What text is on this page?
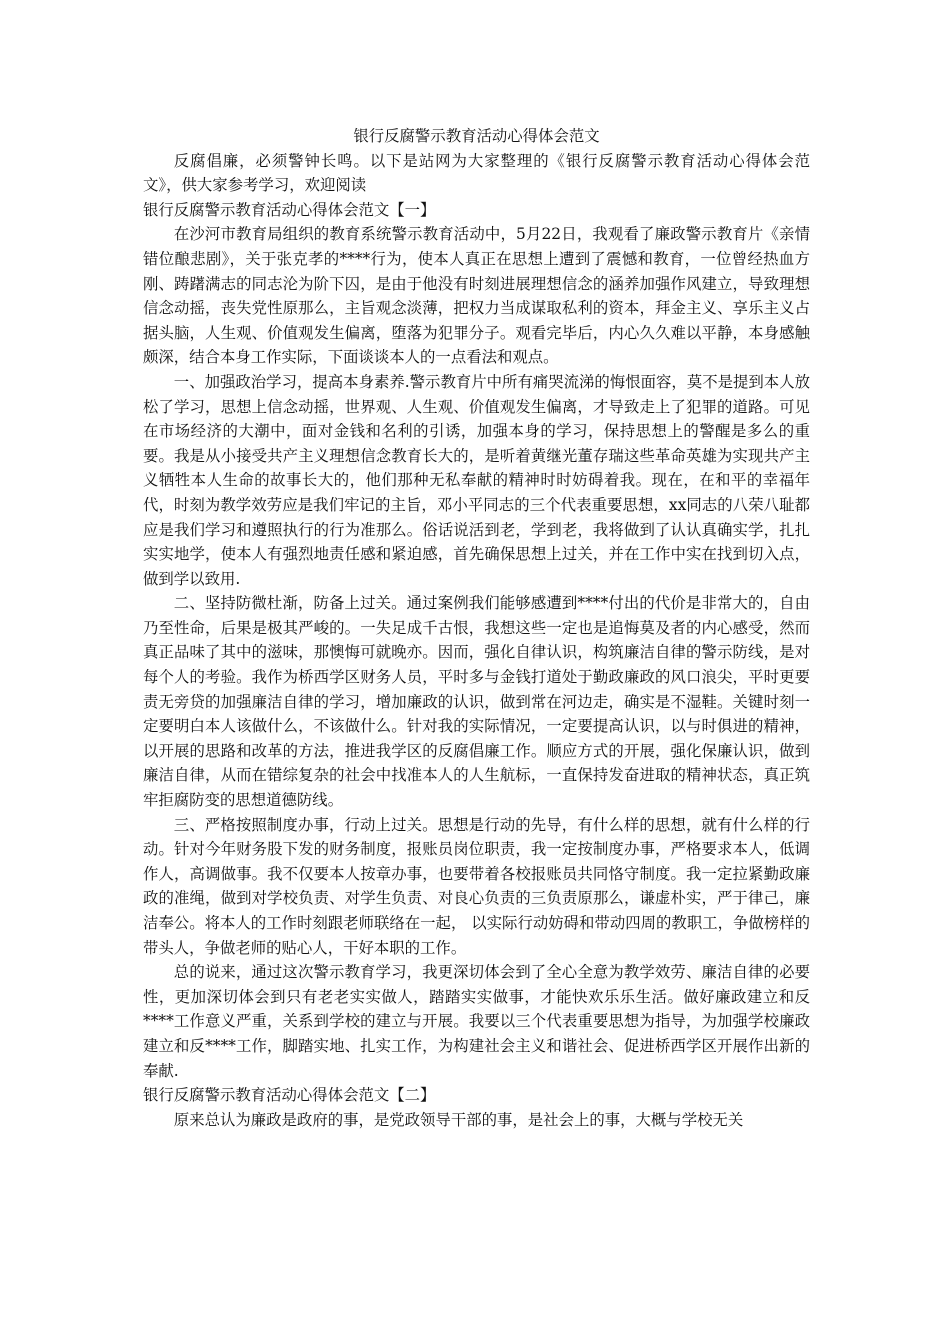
银行反腐警示教育活动心得体会范文

反腐倡廉，必须警钟长鸣。以下是站网为大家整理的《银行反腐警示教育活动心得体会范文》，供大家参考学习，欢迎阅读

银行反腐警示教育活动心得体会范文【一】

在沙河市教育局组织的教育系统警示教育活动中，5月22日，我观看了廉政警示教育片《亲情错位酿悲剧》，关于张克孝的****行为，使本人真正在思想上遭到了震憾和教育，一位曾经热血方刚、踌躇满志的同志沦为阶下囚，是由于他没有时刻进展理想信念的涵养加强作风建立，导致理想信念动摇，丧失党性原那么，主旨观念淡薄，把权力当成谋取私利的资本，拜金主义、享乐主义占据头脑，人生观、价值观发生偏离，堕落为犯罪分子。观看完毕后，内心久久难以平静，本身感触颇深，结合本身工作实际，下面谈谈本人的一点看法和观点。

一、加强政治学习，提高本身素养.警示教育片中所有痛哭流涕的悔恨面容，莫不是提到本人放松了学习，思想上信念动摇，世界观、人生观、价值观发生偏离，才导致走上了犯罪的道路。可见在市场经济的大潮中，面对金钱和名利的引诱，加强本身的学习，保持思想上的警醒是多么的重要。我是从小接受共产主义理想信念教育长大的，是听着黄继光董存瑞这些革命英雄为实现共产主义牺牲本人生命的故事长大的，他们那种无私奉献的精神时时妨碍着我。现在，在和平的幸福年代，时刻为教学效劳应是我们牢记的主旨，邓小平同志的三个代表重要思想，xx同志的八荣八耻都应是我们学习和遵照执行的行为准那么。俗话说活到老，学到老，我将做到了认认真确实学，扎扎实实地学，使本人有强烈地责任感和紧迫感，首先确保思想上过关，并在工作中实在找到切入点，做到学以致用.

二、坚持防微杜渐，防备上过关。通过案例我们能够感遭到****付出的代价是非常大的，自由乃至性命，后果是极其严峻的。一失足成千古恨，我想这些一定也是追悔莫及者的内心感受，然而真正品味了其中的滋味，那懊悔可就晚亦。因而，强化自律认识，构筑廉洁自律的警示防线，是对每个人的考验。我作为桥西学区财务人员，平时多与金钱打道处于勤政廉政的风口浪尖，平时更要责无旁贷的加强廉洁自律的学习，增加廉政的认识，做到常在河边走，确实是不湿鞋。关键时刻一定要明白本人该做什么，不该做什么。针对我的实际情况，一定要提高认识，以与时俱进的精神，以开展的思路和改革的方法，推进我学区的反腐倡廉工作。顺应方式的开展，强化保廉认识，做到廉洁自律，从而在错综复杂的社会中找准本人的人生航标，一直保持发奋进取的精神状态，真正筑牢拒腐防变的思想道德防线。

三、严格按照制度办事，行动上过关。思想是行动的先导，有什么样的思想，就有什么样的行动。针对今年财务股下发的财务制度，报账员岗位职责，我一定按制度办事，严格要求本人，低调作人，高调做事。我不仅要本人按章办事，也要带着各校报账员共同恪守制度。我一定拉紧勤政廉政的准绳，做到对学校负责、对学生负责、对良心负责的三负责原那么，谦虚朴实，严于律己，廉洁奉公。将本人的工作时刻跟老师联络在一起， 以实际行动妨碍和带动四周的教职工，争做榜样的带头人，争做老师的贴心人，干好本职的工作。

总的说来，通过这次警示教育学习，我更深切体会到了全心全意为教学效劳、廉洁自律的必要性，更加深切体会到只有老老实实做人，踏踏实实做事，才能快欢乐乐生活。做好廉政建立和反****工作意义严重，关系到学校的建立与开展。我要以三个代表重要思想为指导，为加强学校廉政建立和反****工作，脚踏实地、扎实工作，为构建社会主义和谐社会、促进桥西学区开展作出新的奉献.

银行反腐警示教育活动心得体会范文【二】

原来总认为廉政是政府的事，是党政领导干部的事，是社会上的事，大概与学校无关
